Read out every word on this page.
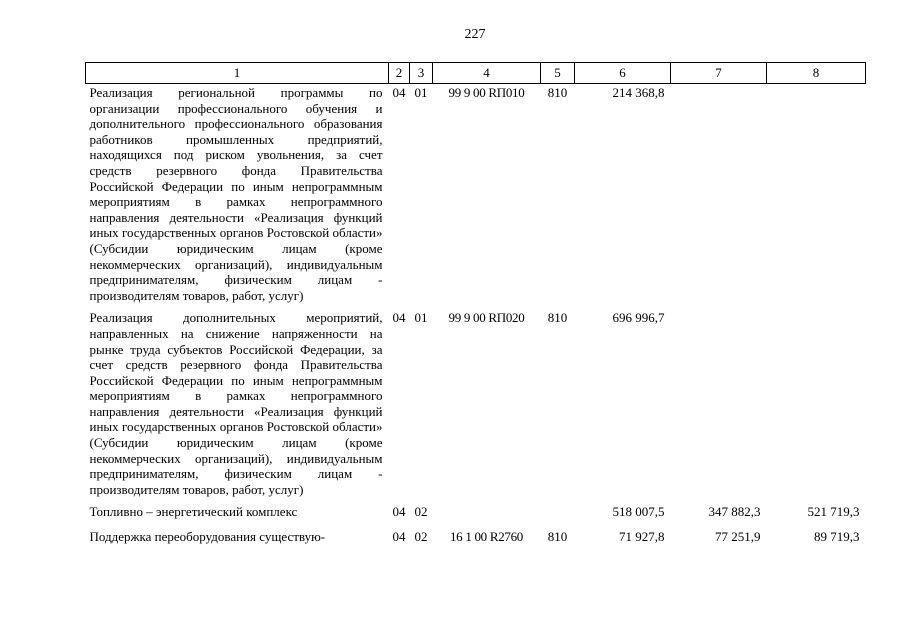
227
1	2	3	4	5	6	7	8
Реализация региональной программы по организации профессионального обучения и дополнительного профессионального образования работников промышленных предприятий, находящихся под риском увольнения, за счет средств резервного фонда Правительства Российской Федерации по иным непрограммным мероприятиям в рамках непрограммного направления деятельности «Реализация функций иных государственных органов Ростовской области» (Субсидии юридическим лицам (кроме некоммерческих организаций), индивидуальным предпринимателям, физическим лицам - производителям товаров, работ, услуг)	04	01	99 9 00 RП010	810	214 368,8		
Реализация дополнительных мероприятий, направленных на снижение напряженности на рынке труда субъектов Российской Федерации, за счет средств резервного фонда Правительства Российской Федерации по иным непрограммным мероприятиям в рамках непрограммного направления деятельности «Реализация функций иных государственных органов Ростовской области» (Субсидии юридическим лицам (кроме некоммерческих организаций), индивидуальным предпринимателям, физическим лицам - производителям товаров, работ, услуг)	04	01	99 9 00 RП020	810	696 996,7		
Топливно – энергетический комплекс	04	02			518 007,5	347 882,3	521 719,3
Поддержка переоборудования существую-	04	02	16 1 00 R2760	810	71 927,8	77 251,9	89 719,3
